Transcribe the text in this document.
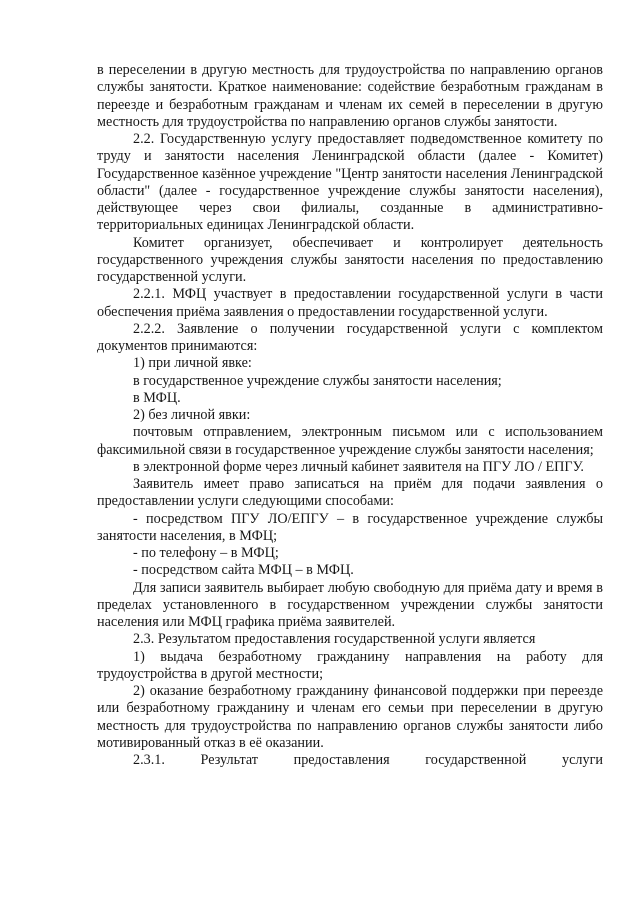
в переселении в другую местность для трудоустройства по направлению органов службы занятости. Краткое наименование: содействие безработным гражданам в переезде и безработным гражданам и членам их семей в переселении в другую местность для трудоустройства по направлению органов службы занятости.

2.2. Государственную услугу предоставляет подведомственное комитету по труду и занятости населения Ленинградской области (далее - Комитет) Государственное казённое учреждение "Центр занятости населения Ленинградской области" (далее - государственное учреждение службы занятости населения), действующее через свои филиалы, созданные в административно-территориальных единицах Ленинградской области.

Комитет организует, обеспечивает и контролирует деятельность государственного учреждения службы занятости населения по предоставлению государственной услуги.

2.2.1. МФЦ участвует в предоставлении государственной услуги в части обеспечения приёма заявления о предоставлении государственной услуги.

2.2.2. Заявление о получении государственной услуги с комплектом документов принимаются:

1) при личной явке:

в государственное учреждение службы занятости населения;

в МФЦ.

2) без личной явки:

почтовым отправлением, электронным письмом или с использованием факсимильной связи в государственное учреждение службы занятости населения;

в электронной форме через личный кабинет заявителя на ПГУ ЛО / ЕПГУ.

Заявитель имеет право записаться на приём для подачи заявления о предоставлении услуги следующими способами:

- посредством ПГУ ЛО/ЕПГУ – в государственное учреждение службы занятости населения, в МФЦ;

- по телефону – в МФЦ;

- посредством сайта МФЦ – в МФЦ.

Для записи заявитель выбирает любую свободную для приёма дату и время в пределах установленного в государственном учреждении службы занятости населения или МФЦ графика приёма заявителей.

2.3. Результатом предоставления государственной услуги является

1) выдача безработному гражданину направления на работу для трудоустройства в другой местности;

2) оказание безработному гражданину финансовой поддержки при переезде или безработному гражданину и членам его семьи при переселении в другую местность для трудоустройства по направлению органов службы занятости либо мотивированный отказ в её оказании.

2.3.1. Результат предоставления государственной услуги
